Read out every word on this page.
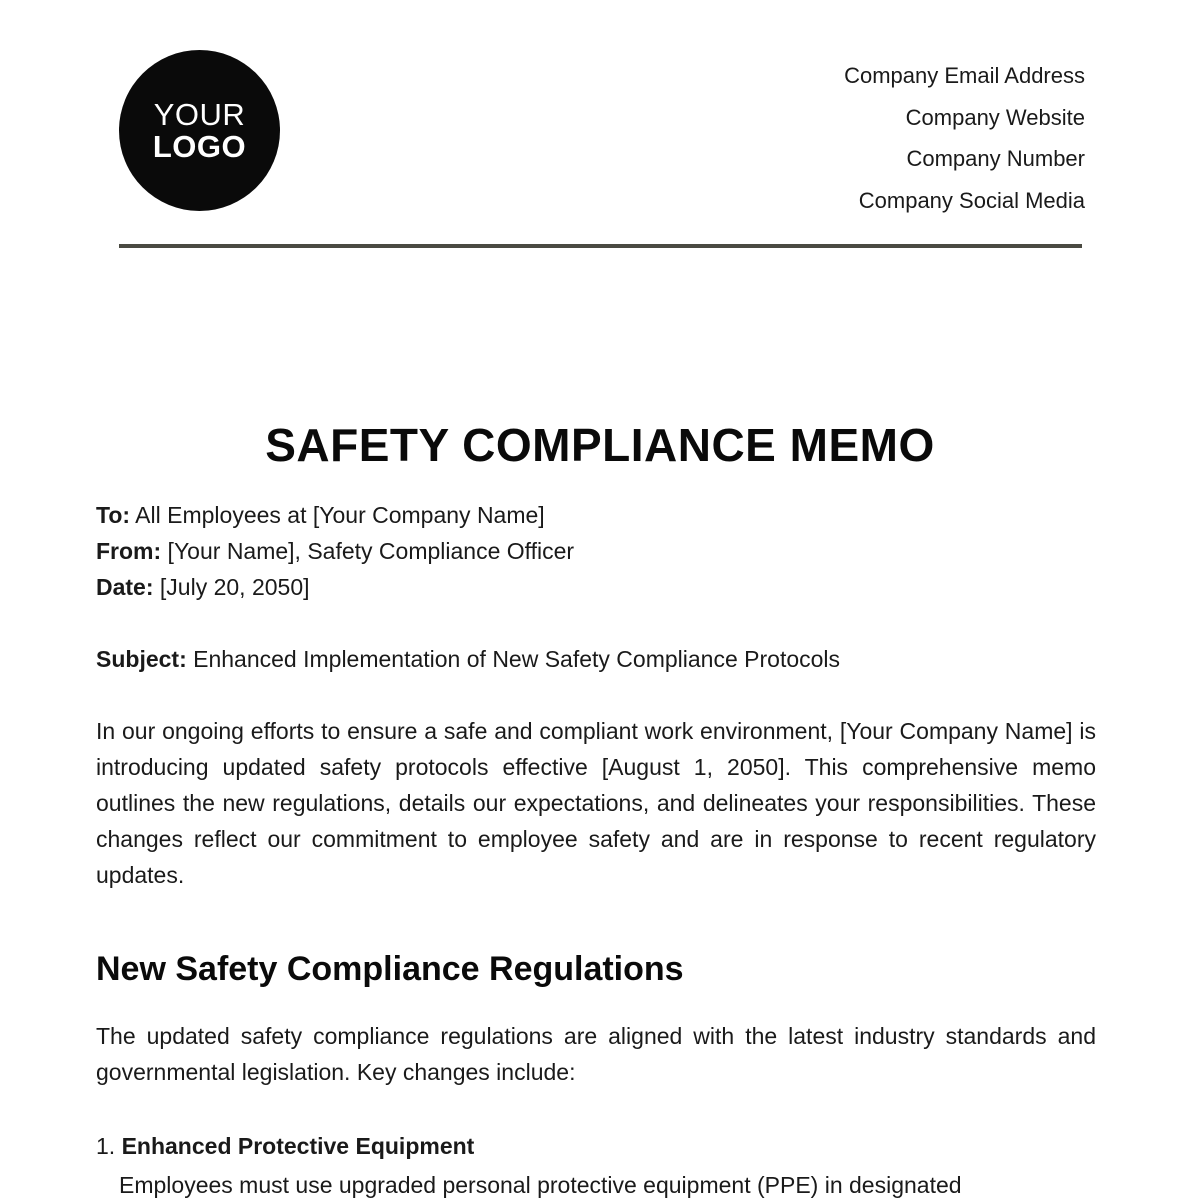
YOUR
LOGO
Company Email Address
Company Website
Company Number
Company Social Media
SAFETY COMPLIANCE MEMO
To: All Employees at [Your Company Name]
From: [Your Name], Safety Compliance Officer
Date: [July 20, 2050]
Subject: Enhanced Implementation of New Safety Compliance Protocols
In our ongoing efforts to ensure a safe and compliant work environment, [Your Company Name] is introducing updated safety protocols effective [August 1, 2050]. This comprehensive memo outlines the new regulations, details our expectations, and delineates your responsibilities. These changes reflect our commitment to employee safety and are in response to recent regulatory updates.
New Safety Compliance Regulations
The updated safety compliance regulations are aligned with the latest industry standards and governmental legislation. Key changes include:
1. Enhanced Protective Equipment
Employees must use upgraded personal protective equipment (PPE) in designated
